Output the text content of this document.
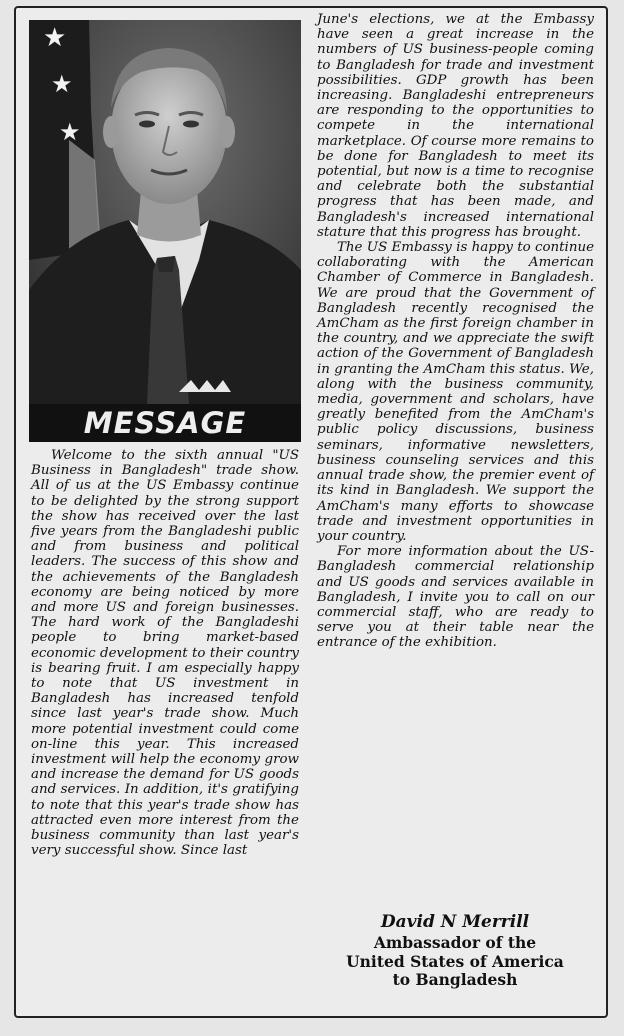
★
★
★
MESSAGE

Welcome to the sixth annual "US Business in Bangladesh" trade show. All of us at the US Embassy continue to be delighted by the strong support the show has received over the last five years from the Bangladeshi public and from business and political leaders. The success of this show and the achievements of the Bangladesh economy are being noticed by more and more US and foreign businesses. The hard work of the Bangladeshi people to bring market-based economic development to their country is bearing fruit. I am especially happy to note that US investment in Bangladesh has increased tenfold since last year's trade show. Much more potential investment could come on-line this year. This increased investment will help the economy grow and increase the demand for US goods and services. In addition, it's gratifying to note that this year's trade show has attracted even more interest from the business community than last year's very successful show. Since last

June's elections, we at the Embassy have seen a great increase in the numbers of US business-people coming to Bangladesh for trade and investment possibilities. GDP growth has been increasing. Bangladeshi entrepreneurs are responding to the opportunities to compete in the international marketplace. Of course more remains to be done for Bangladesh to meet its potential, but now is a time to recognise and celebrate both the substantial progress that has been made, and Bangladesh's increased international stature that this progress has brought.

The US Embassy is happy to continue collaborating with the American Chamber of Commerce in Bangladesh. We are proud that the Government of Bangladesh recently recognised the AmCham as the first foreign chamber in the country, and we appreciate the swift action of the Government of Bangladesh in granting the AmCham this status. We, along with the business community, media, government and scholars, have greatly benefited from the AmCham's public policy discussions, business seminars, informative newsletters, business counseling services and this annual trade show, the premier event of its kind in Bangladesh. We support the AmCham's many efforts to showcase trade and investment opportunities in your country.

For more information about the US-Bangladesh commercial relationship and US goods and services available in Bangladesh, I invite you to call on our commercial staff, who are ready to serve you at their table near the entrance of the exhibition.

David N Merrill
Ambassador of the
United States of America
to Bangladesh
